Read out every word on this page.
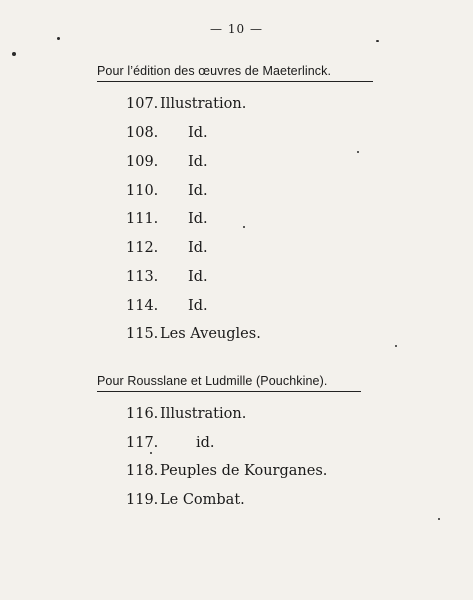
— 10 —
Pour l’édition des œuvres de Maeterlinck.
107. Illustration.
108. Id.
109. Id.
110. Id.
111. Id.
112. Id.
113. Id.
114. Id.
115. Les Aveugles.
Pour Rousslane et Ludmille (Pouchkine).
116. Illustration.
117.	id.
118. Peuples de Kourganes.
119. Le Combat.
